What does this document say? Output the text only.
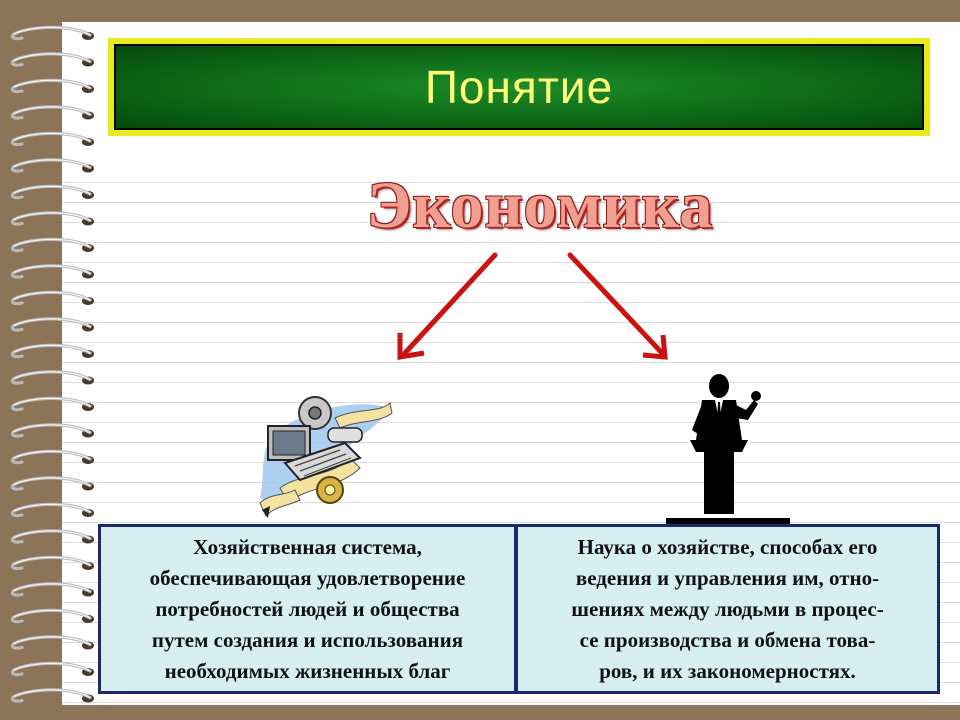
Понятие
Экономика
Хозяйственная система,
обеспечивающая удовлетворение
потребностей людей и общества
путем создания и использования
необходимых жизненных благ
Наука о хозяйстве, способах его
ведения и управления им, отно-
шениях между людьми в процес-
се производства и обмена това-
ров, и их закономерностях.
